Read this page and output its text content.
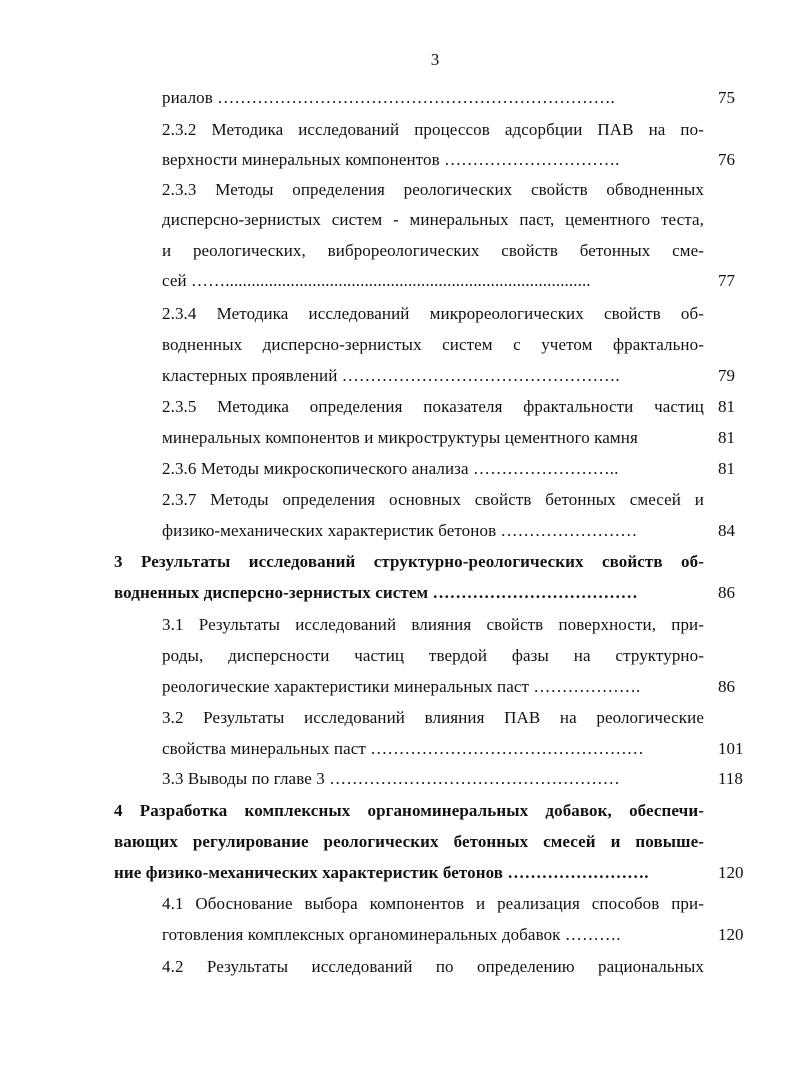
3
риалов …………………………………………………………….	75
2.3.2 Методика исследований процессов адсорбции ПАВ на по-
верхности минеральных компонентов ………………………….	76
2.3.3 Методы определения реологических свойств обводненных
дисперсно-зернистых систем - минеральных паст, цементного теста,
и реологических, виброреологических свойств бетонных сме-
сей ……....................................................................................	77
2.3.4 Методика исследований микрореологических свойств об-
водненных дисперсно-зернистых систем с учетом фрактально-
кластерных проявлений ………………………………………….	79
2.3.5 Методика определения показателя фрактальности частиц 81
минеральных компонентов и микроструктуры цементного камня	81
2.3.6 Методы микроскопического анализа ……………………..	81
2.3.7 Методы определения основных свойств бетонных смесей и
физико-механических характеристик бетонов ……………………	84
3 Результаты исследований структурно-реологических свойств об-
водненных дисперсно-зернистых систем ………………………………	86
3.1 Результаты исследований влияния свойств поверхности, при-
роды, дисперсности частиц твердой фазы на структурно-
реологические характеристики минеральных паст ……………….	86
3.2 Результаты исследований влияния ПАВ на реологические
свойства минеральных паст …………………………………………	101
3.3 Выводы по главе 3 ……………………………………………	118
4 Разработка комплексных органоминеральных добавок, обеспечи-
вающих регулирование реологических бетонных смесей и повыше-
ние физико-механических характеристик бетонов …………………….	120
4.1 Обоснование выбора компонентов и реализация способов при-
готовления комплексных органоминеральных добавок ……….	120
4.2 Результаты исследований по определению рациональных
